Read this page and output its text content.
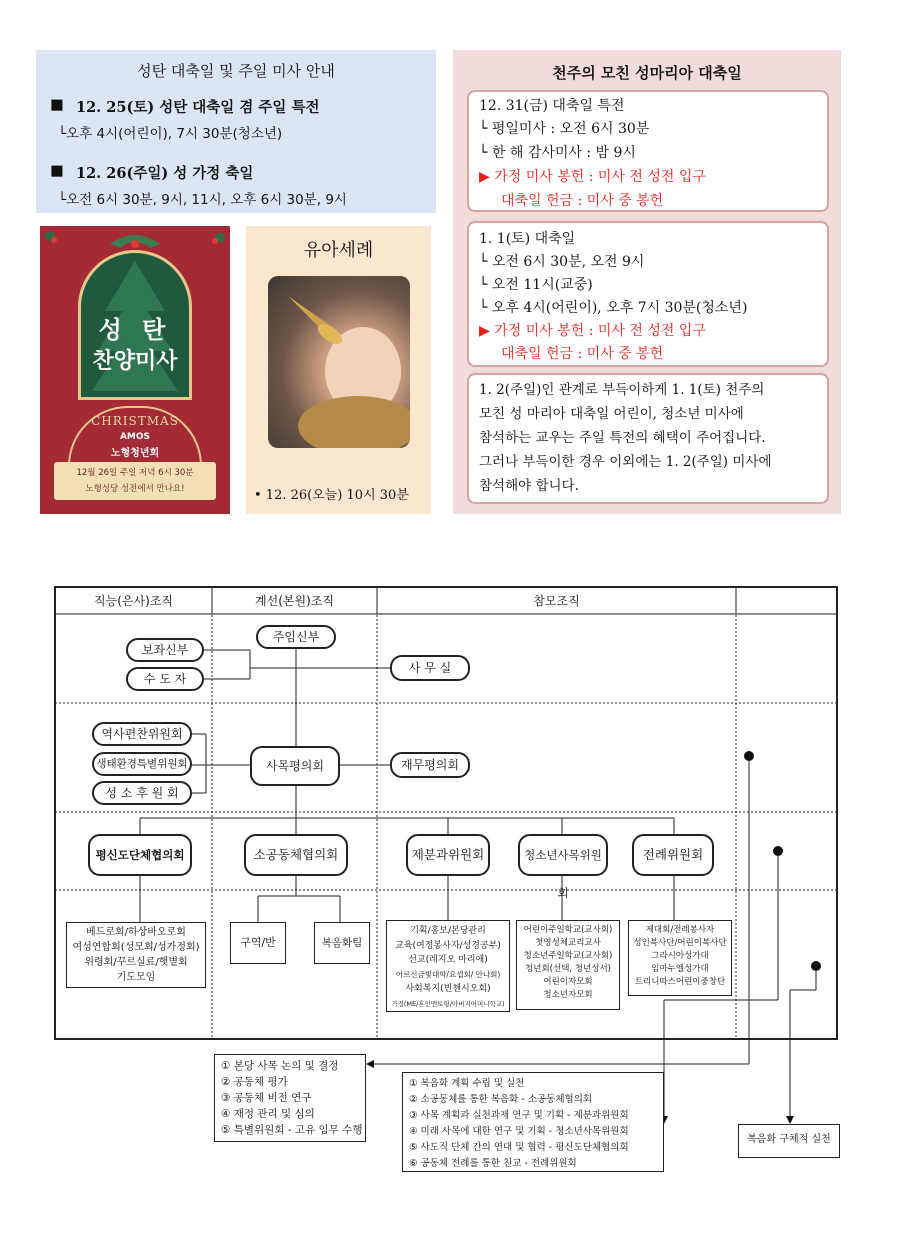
성탄 대축일 및 주일 미사 안내
■ 12. 25(토) 성탄 대축일 겸 주일 특전
└오후 4시(어린이), 7시 30분(청소년)
■ 12. 26(주일) 성 가정 축일
└오전 6시 30분, 9시, 11시, 오후 6시 30분, 9시
성 탄
찬양미사
CHRISTMAS
AMOS
노형청년회
12월 26일 주일 저녁 6시 30분
노형성당 성전에서 만나요!
유아세례
• 12. 26(오늘) 10시 30분
천주의 모친 성마리아 대축일
12. 31(금) 대축일 특전
└ 평일미사 : 오전 6시 30분
└ 한 해 감사미사 : 밤 9시
▶ 가정 미사 봉헌 : 미사 전 성전 입구
대축일 헌금 : 미사 중 봉헌
1. 1(토) 대축일
└ 오전 6시 30분, 오전 9시
└ 오전 11시(교중)
└ 오후 4시(어린이), 오후 7시 30분(청소년)
▶ 가정 미사 봉헌 : 미사 전 성전 입구
대축일 헌금 : 미사 중 봉헌
1. 2(주일)인 관계로 부득이하게 1. 1(토) 천주의
모친 성 마리아 대축일 어린이, 청소년 미사에
참석하는 교우는 주일 특전의 혜택이 주어집니다.
그러나 부득이한 경우 이외에는 1. 2(주일) 미사에
참석해야 합니다.
직능(은사)조직	계선(본원)조직	참모조직
주임신부
보좌신부
수 도 자
사 무 실
역사편찬위원회
생태환경특별위원회
성 소 후 원 회
사목평의회	재무평의회
평신도단체협의회	소공동체협의회	제분과위원회	청소년사목위원회
전례위원회
베드로회/하상바오로회
여성연합회(성모회/성가정회)
위령회/꾸르실료/햇볕회
기도모임
구역/반	복음화팀
기획/홍보/본당관리
교육(여정봉사자/성경공부)
선교(레지오 마리애)
어르신금빛대학/요셉회/ 안나회)
사회복지(빈첸시오회)
가정(ME/혼인멘토링/아버지어머니학교)
어린이주일학교(교사회)
첫영성체교리교사
청소년주일학교(교사회)
청년회(선택, 청년성서)
어린이자모회
청소년자모회
제대회/전례봉사자
성인복사단/어린이복사단
그라시아성가대
임마누엘성가대
트리니따스어린이중창단
① 본당 사목 논의 및 결정
② 공동체 평가
③ 공동체 비전 연구
④ 재정 관리 및 심의
⑤ 특별위원회 - 고유 임무 수행
① 복음화 계획 수립 및 실천
② 소공동체를 통한 복음화 - 소공동체협의회
③ 사목 계획과 실천과제 연구 및 기획 - 제분과위원회
④ 미래 사목에 대한 연구 및 기획 - 청소년사목위원회
⑤ 사도직 단체 간의 연대 및 협력 - 평신도단체협의회
⑥ 공동체 전례를 통한 친교 - 전례위원회
복음화 구체적 실천
